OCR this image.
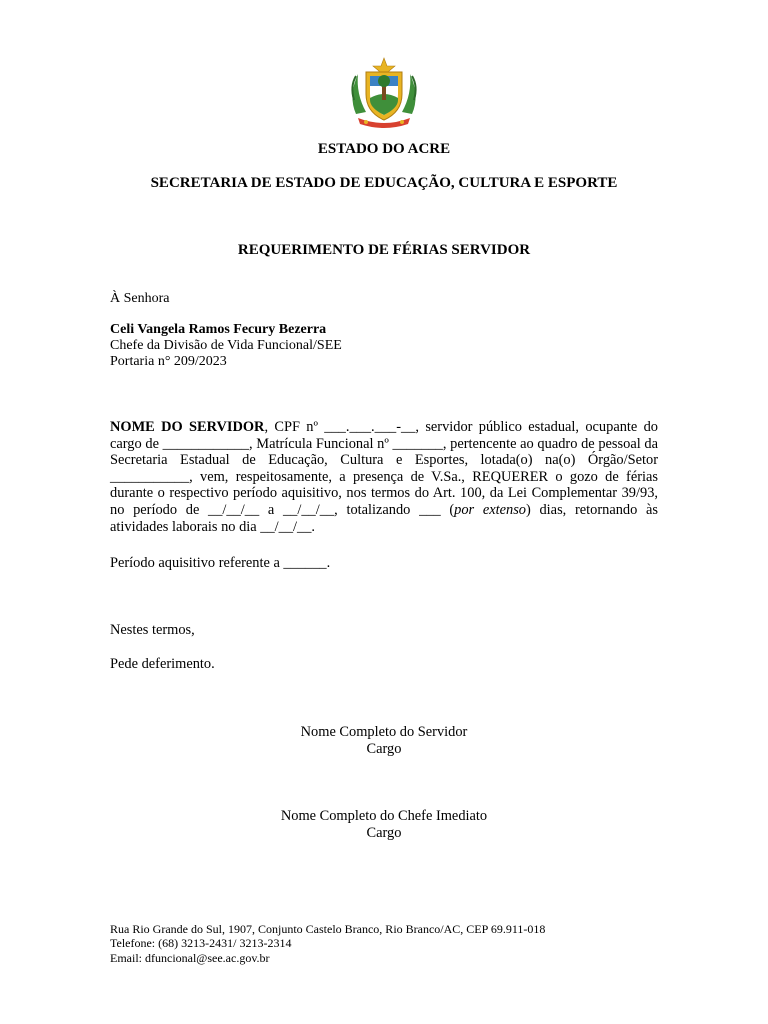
ESTADO DO ACRE
SECRETARIA DE ESTADO DE EDUCAÇÃO, CULTURA E ESPORTE
REQUERIMENTO DE FÉRIAS SERVIDOR
À Senhora
Celi Vangela Ramos Fecury Bezerra
Chefe da Divisão de Vida Funcional/SEE
Portaria n° 209/2023
NOME DO SERVIDOR, CPF nº ___.___.___-__, servidor público estadual, ocupante do cargo de ____________, Matrícula Funcional nº _______, pertencente ao quadro de pessoal da Secretaria Estadual de Educação, Cultura e Esportes, lotada(o) na(o) Órgão/Setor ___________, vem, respeitosamente, a presença de V.Sa., REQUERER o gozo de férias durante o respectivo período aquisitivo, nos termos do Art. 100, da Lei Complementar 39/93, no período de __/__/__ a __/__/__, totalizando ___ (por extenso) dias, retornando às atividades laborais no dia __/__/__.
Período aquisitivo referente a ______.
Nestes termos,
Pede deferimento.
Nome Completo do Servidor
Cargo
Nome Completo do Chefe Imediato
Cargo
Rua Rio Grande do Sul, 1907, Conjunto Castelo Branco, Rio Branco/AC, CEP 69.911-018
Telefone: (68) 3213-2431/ 3213-2314
Email: dfuncional@see.ac.gov.br
